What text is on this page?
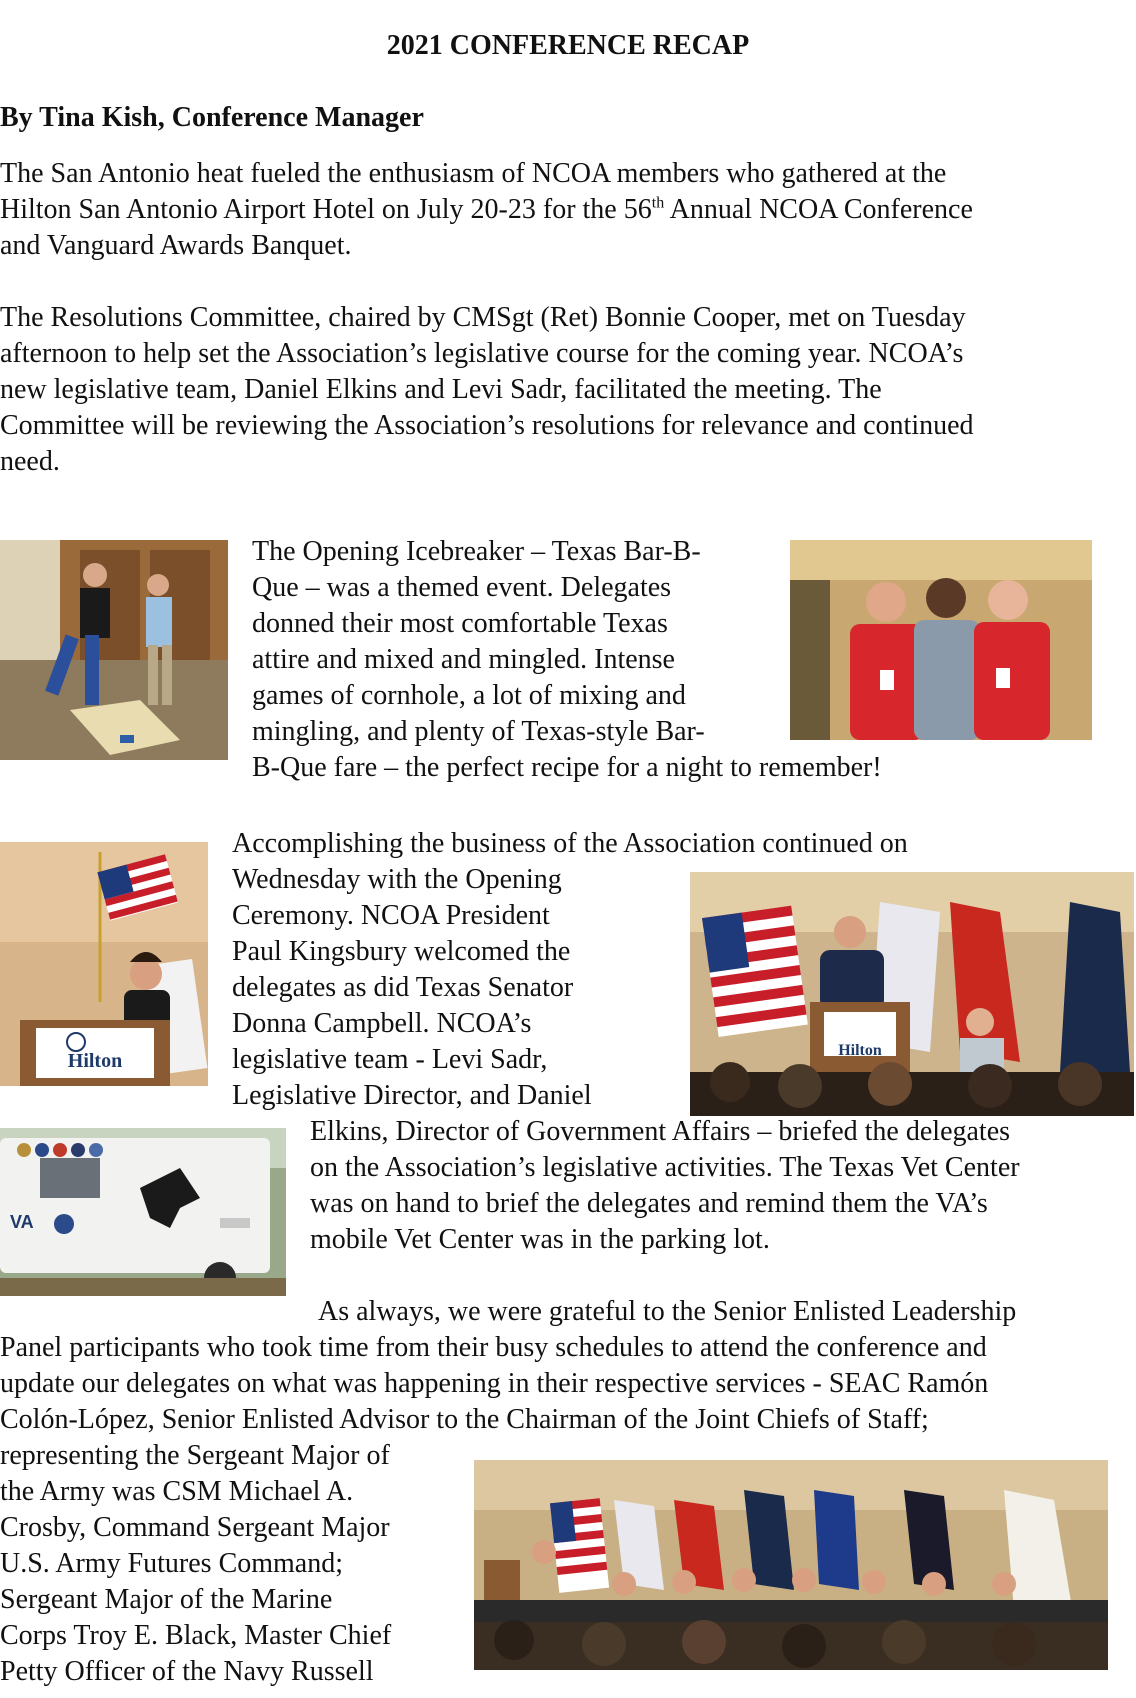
2021 CONFERENCE RECAP
By Tina Kish, Conference Manager
The San Antonio heat fueled the enthusiasm of NCOA members who gathered at the
Hilton San Antonio Airport Hotel on July 20-23 for the 56th Annual NCOA Conference
and Vanguard Awards Banquet.
The Resolutions Committee, chaired by CMSgt (Ret) Bonnie Cooper, met on Tuesday
afternoon to help set the Association’s legislative course for the coming year. NCOA’s
new legislative team, Daniel Elkins and Levi Sadr, facilitated the meeting. The
Committee will be reviewing the Association’s resolutions for relevance and continued
need.
The Opening Icebreaker – Texas Bar-B-
Que – was a themed event. Delegates
donned their most comfortable Texas
attire and mixed and mingled. Intense
games of cornhole, a lot of mixing and
mingling, and plenty of Texas-style Bar-
B-Que fare – the perfect recipe for a night to remember!
Hilton
Accomplishing the business of the Association continued on
Wednesday with the Opening
Ceremony. NCOA President
Paul Kingsbury welcomed the
delegates as did Texas Senator
Donna Campbell. NCOA’s
legislative team - Levi Sadr,
Legislative Director, and Daniel
Hilton
VA
Elkins, Director of Government Affairs – briefed the delegates
on the Association’s legislative activities. The Texas Vet Center
was on hand to brief the delegates and remind them the VA’s
mobile Vet Center was in the parking lot.
As always, we were grateful to the Senior Enlisted Leadership
Panel participants who took time from their busy schedules to attend the conference and
update our delegates on what was happening in their respective services - SEAC Ramón
Colón-López, Senior Enlisted Advisor to the Chairman of the Joint Chiefs of Staff;
representing the Sergeant Major of
the Army was CSM Michael A.
Crosby, Command Sergeant Major
U.S. Army Futures Command;
Sergeant Major of the Marine
Corps Troy E. Black, Master Chief
Petty Officer of the Navy Russell
